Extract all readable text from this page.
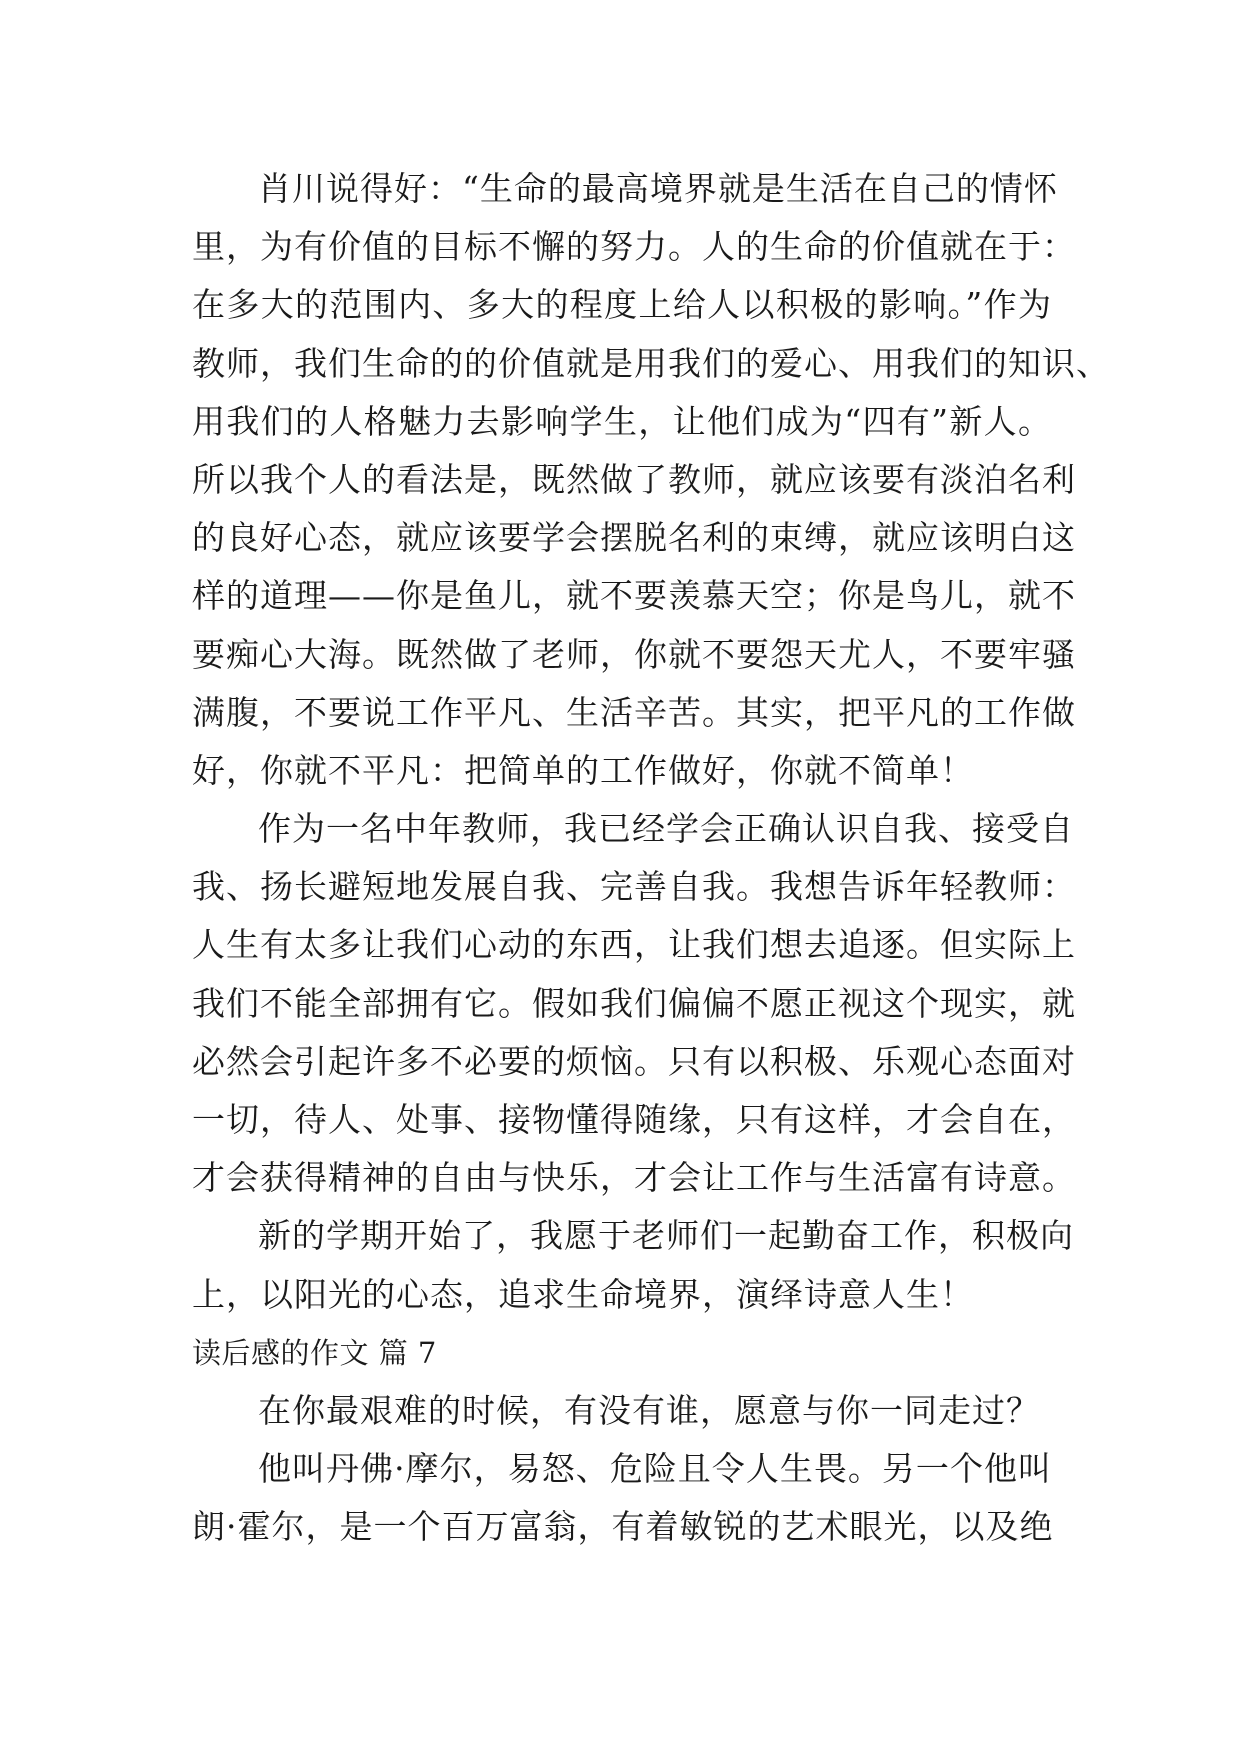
肖川说得好：“生命的最高境界就是生活在自己的情怀
里，为有价值的目标不懈的努力。人的生命的价值就在于：
在多大的范围内、多大的程度上给人以积极的影响。”作为
教师，我们生命的的价值就是用我们的爱心、用我们的知识、
用我们的人格魅力去影响学生，让他们成为“四有”新人。
所以我个人的看法是，既然做了教师，就应该要有淡泊名利
的良好心态，就应该要学会摆脱名利的束缚，就应该明白这
样的道理——你是鱼儿，就不要羡慕天空；你是鸟儿，就不
要痴心大海。既然做了老师，你就不要怨天尤人，不要牢骚
满腹，不要说工作平凡、生活辛苦。其实，把平凡的工作做
好，你就不平凡：把简单的工作做好，你就不简单！
作为一名中年教师，我已经学会正确认识自我、接受自
我、扬长避短地发展自我、完善自我。我想告诉年轻教师：
人生有太多让我们心动的东西，让我们想去追逐。但实际上
我们不能全部拥有它。假如我们偏偏不愿正视这个现实，就
必然会引起许多不必要的烦恼。只有以积极、乐观心态面对
一切，待人、处事、接物懂得随缘，只有这样，才会自在，
才会获得精神的自由与快乐，才会让工作与生活富有诗意。
新的学期开始了，我愿于老师们一起勤奋工作，积极向
上，以阳光的心态，追求生命境界，演绎诗意人生！
读后感的作文 篇 7
在你最艰难的时候，有没有谁，愿意与你一同走过？
他叫丹佛·摩尔，易怒、危险且令人生畏。另一个他叫
朗·霍尔，是一个百万富翁，有着敏锐的艺术眼光，以及绝
